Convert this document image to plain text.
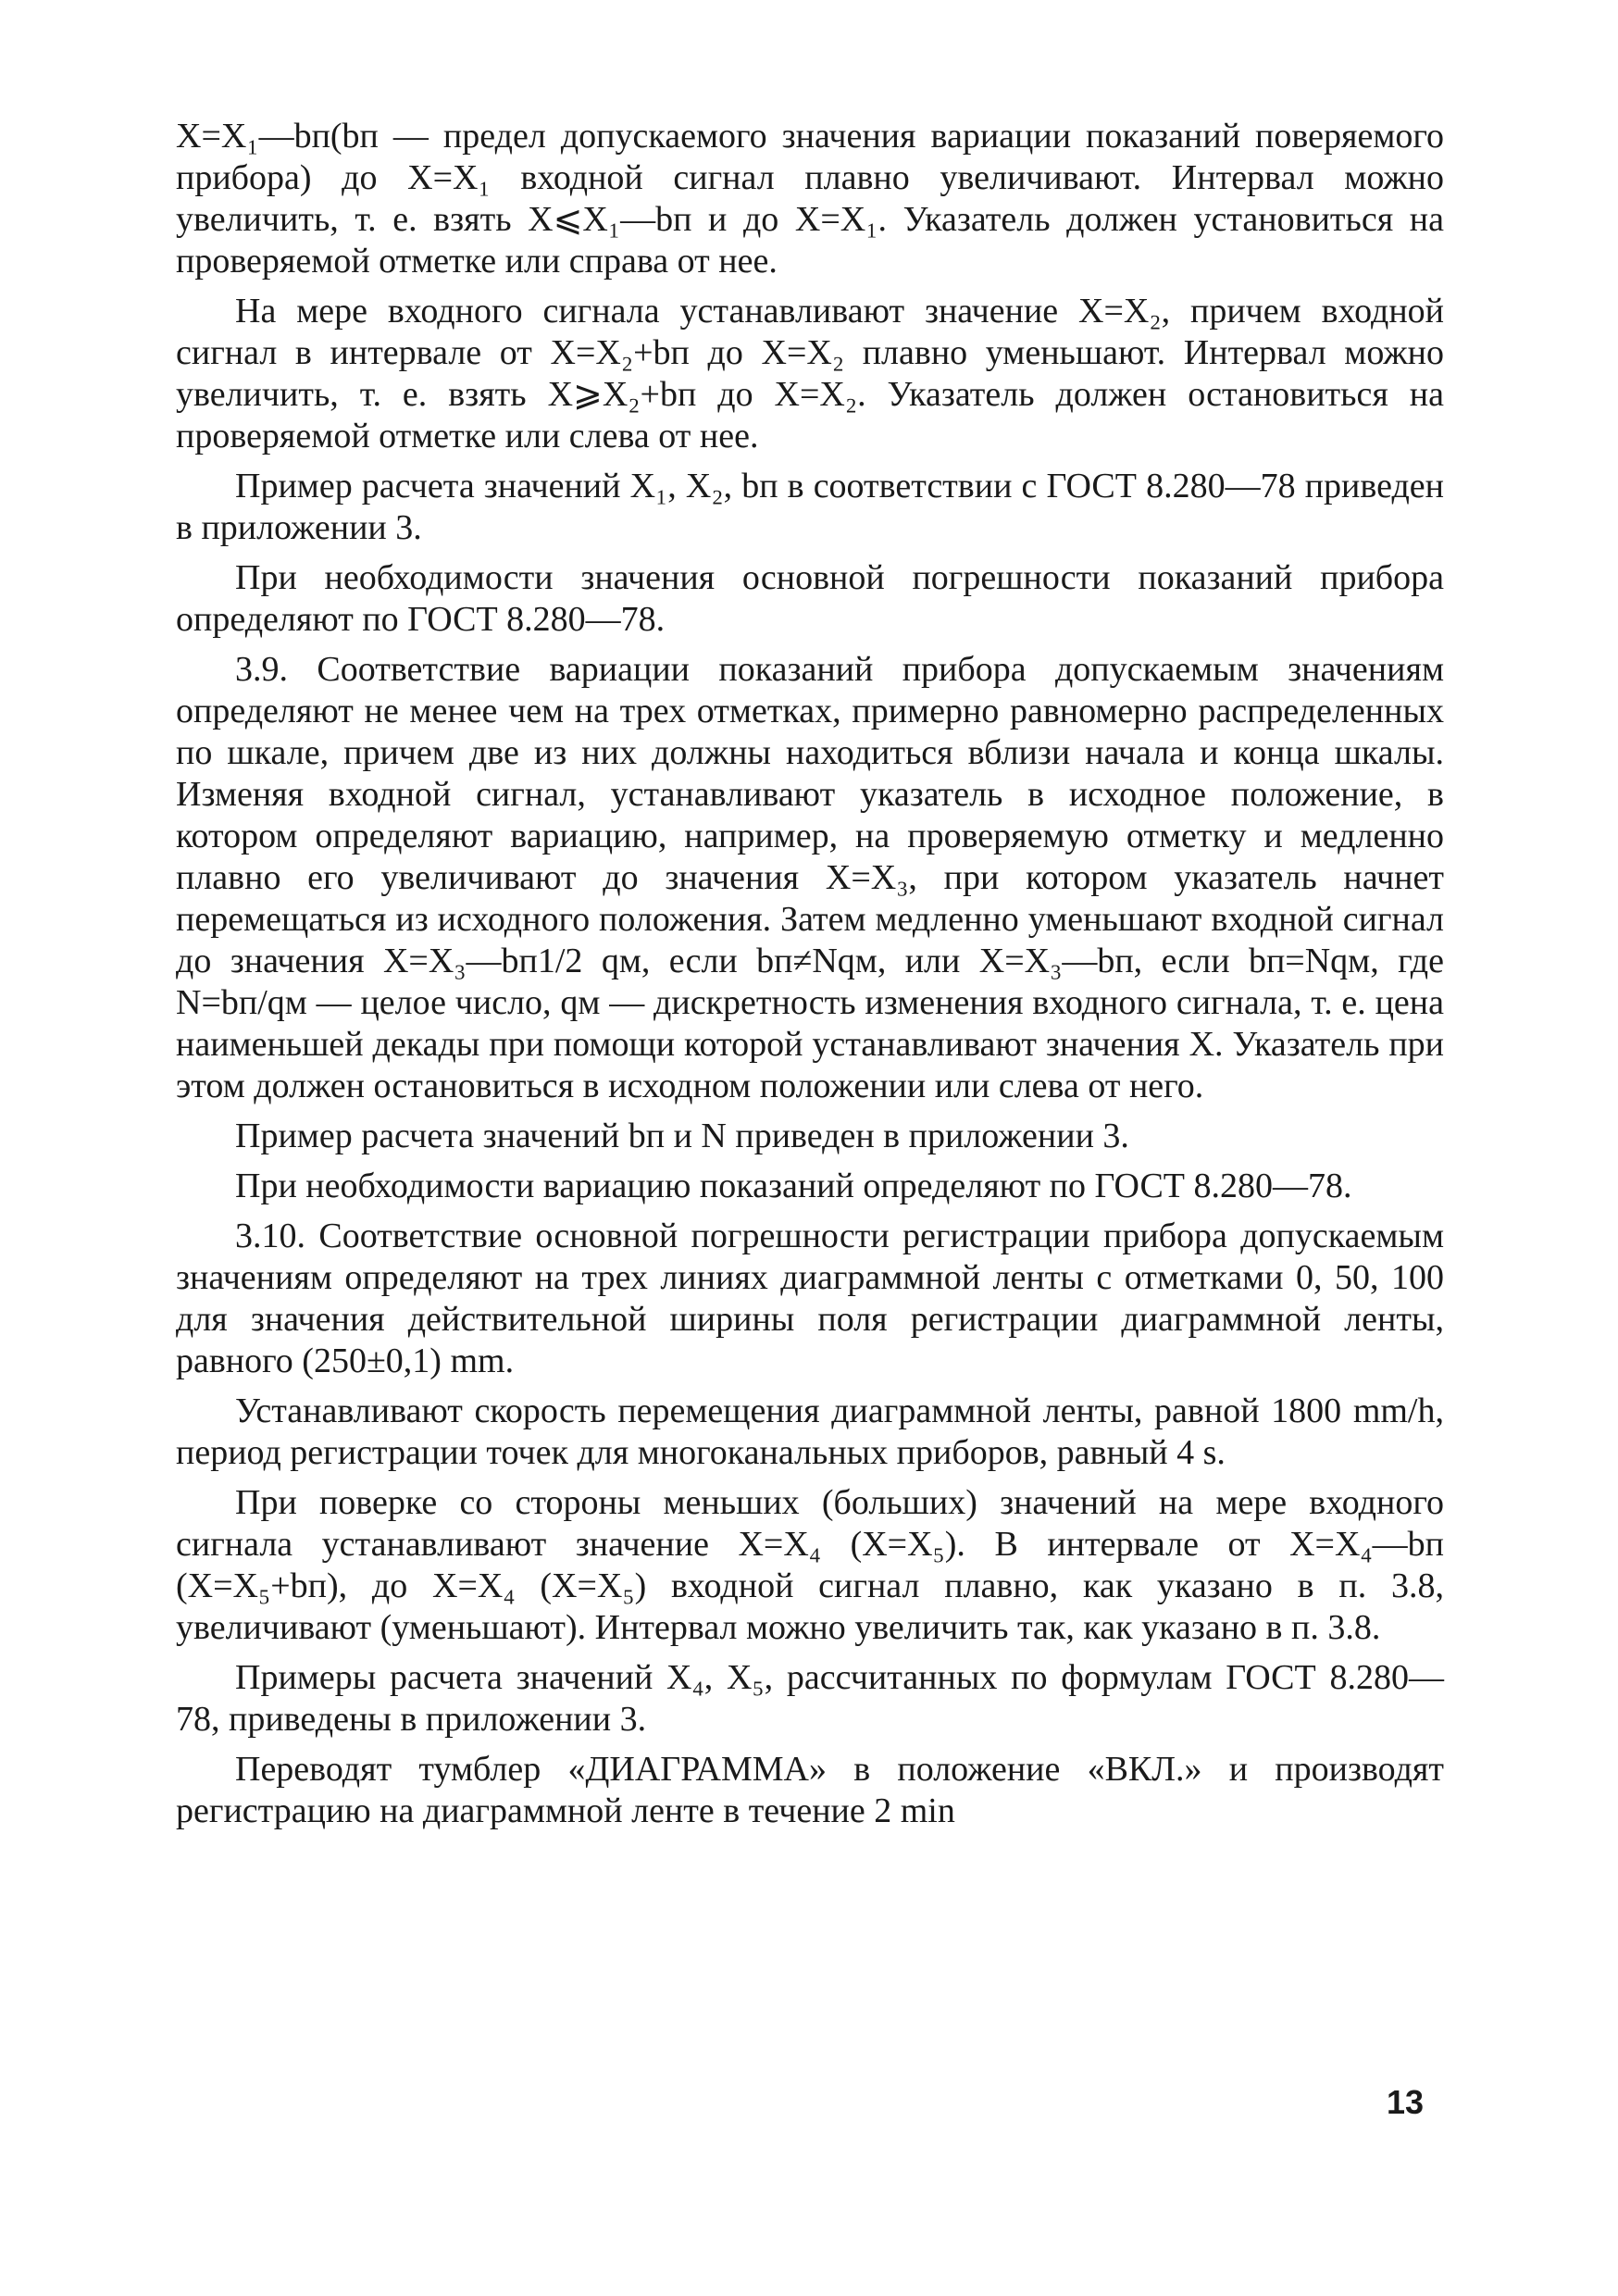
X=X₁—bп(bп — предел допускаемого значения вариации показаний поверяемого прибора) до X=X₁ входной сигнал плавно увеличивают. Интервал можно увеличить, т. е. взять X⩽X₁—bп и до X=X₁. Указатель должен установиться на проверяемой отметке или справа от нее.

На мере входного сигнала устанавливают значение X=X₂, причем входной сигнал в интервале от X=X₂+bп до X=X₂ плавно уменьшают. Интервал можно увеличить, т. е. взять X⩾X₂+bп до X=X₂. Указатель должен остановиться на проверяемой отметке или слева от нее.

Пример расчета значений X₁, X₂, bп в соответствии с ГОСТ 8.280—78 приведен в приложении 3.

При необходимости значения основной погрешности показаний прибора определяют по ГОСТ 8.280—78.

3.9. Соответствие вариации показаний прибора допускаемым значениям определяют не менее чем на трех отметках, примерно равномерно распределенных по шкале, причем две из них должны находиться вблизи начала и конца шкалы. Изменяя входной сигнал, устанавливают указатель в исходное положение, в котором определяют вариацию, например, на проверяемую отметку и медленно плавно его увеличивают до значения X=X₃, при котором указатель начнет перемещаться из исходного положения. Затем медленно уменьшают входной сигнал до значения X=X₃—bп1/2 qм, если bп≠Nqм, или X=X₃—bп, если bп=Nqм, где N=bп/qм — целое число, qм — дискретность изменения входного сигнала, т. е. цена наименьшей декады при помощи которой устанавливают значения X. Указатель при этом должен остановиться в исходном положении или слева от него.

Пример расчета значений bп и N приведен в приложении 3.

При необходимости вариацию показаний определяют по ГОСТ 8.280—78.

3.10. Соответствие основной погрешности регистрации прибора допускаемым значениям определяют на трех линиях диаграммной ленты с отметками 0, 50, 100 для значения действительной ширины поля регистрации диаграммной ленты, равного (250±0,1) mm.

Устанавливают скорость перемещения диаграммной ленты, равной 1800 mm/h, период регистрации точек для многоканальных приборов, равный 4 s.

При поверке со стороны меньших (больших) значений на мере входного сигнала устанавливают значение X=X₄ (X=X₅). В интервале от X=X₄—bп (X=X₅+bп), до X=X₄ (X=X₅) входной сигнал плавно, как указано в п. 3.8, увеличивают (уменьшают). Интервал можно увеличить так, как указано в п. 3.8.

Примеры расчета значений X₄, X₅, рассчитанных по формулам ГОСТ 8.280—78, приведены в приложении 3.

Переводят тумблер «ДИАГРАММА» в положение «ВКЛ.» и производят регистрацию на диаграммной ленте в течение 2 min

13
